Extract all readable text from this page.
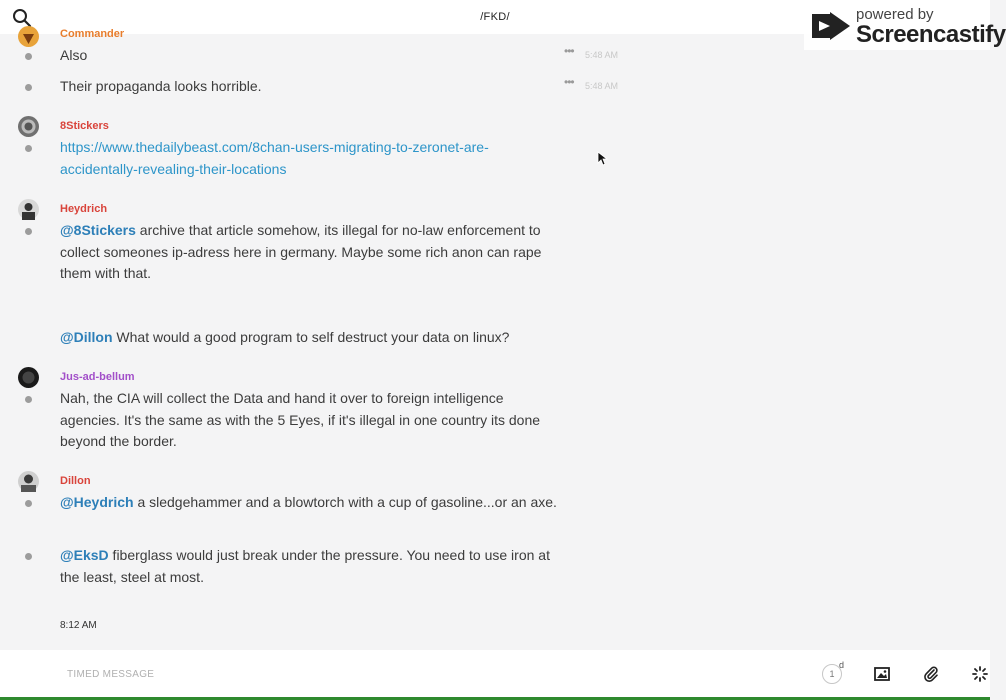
/FKD/	powered by
Screencastify
Commander
Also	••• 5:48 AM
Their propaganda looks horrible.	••• 5:48 AM
8Stickers
https://www.thedailybeast.com/8chan-users-migrating-to-zeronet-are-
accidentally-revealing-their-locations
Heydrich
@8Stickers archive that article somehow, its illegal for no-law enforcement to collect someones ip-adress here in germany. Maybe some rich anon can rape them with that.
@Dillon What would a good program to self destruct your data on linux?
Jus-ad-bellum
Nah, the CIA will collect the Data and hand it over to foreign intelligence agencies. It's the same as with the 5 Eyes, if it's illegal in one country its done beyond the border.
Dillon
@Heydrich a sledgehammer and a blowtorch with a cup of gasoline...or an axe.
@EksD fiberglass would just break under the pressure. You need to use iron at the least, steel at most.
8:12 AM
TIMED MESSAGE	1
d
